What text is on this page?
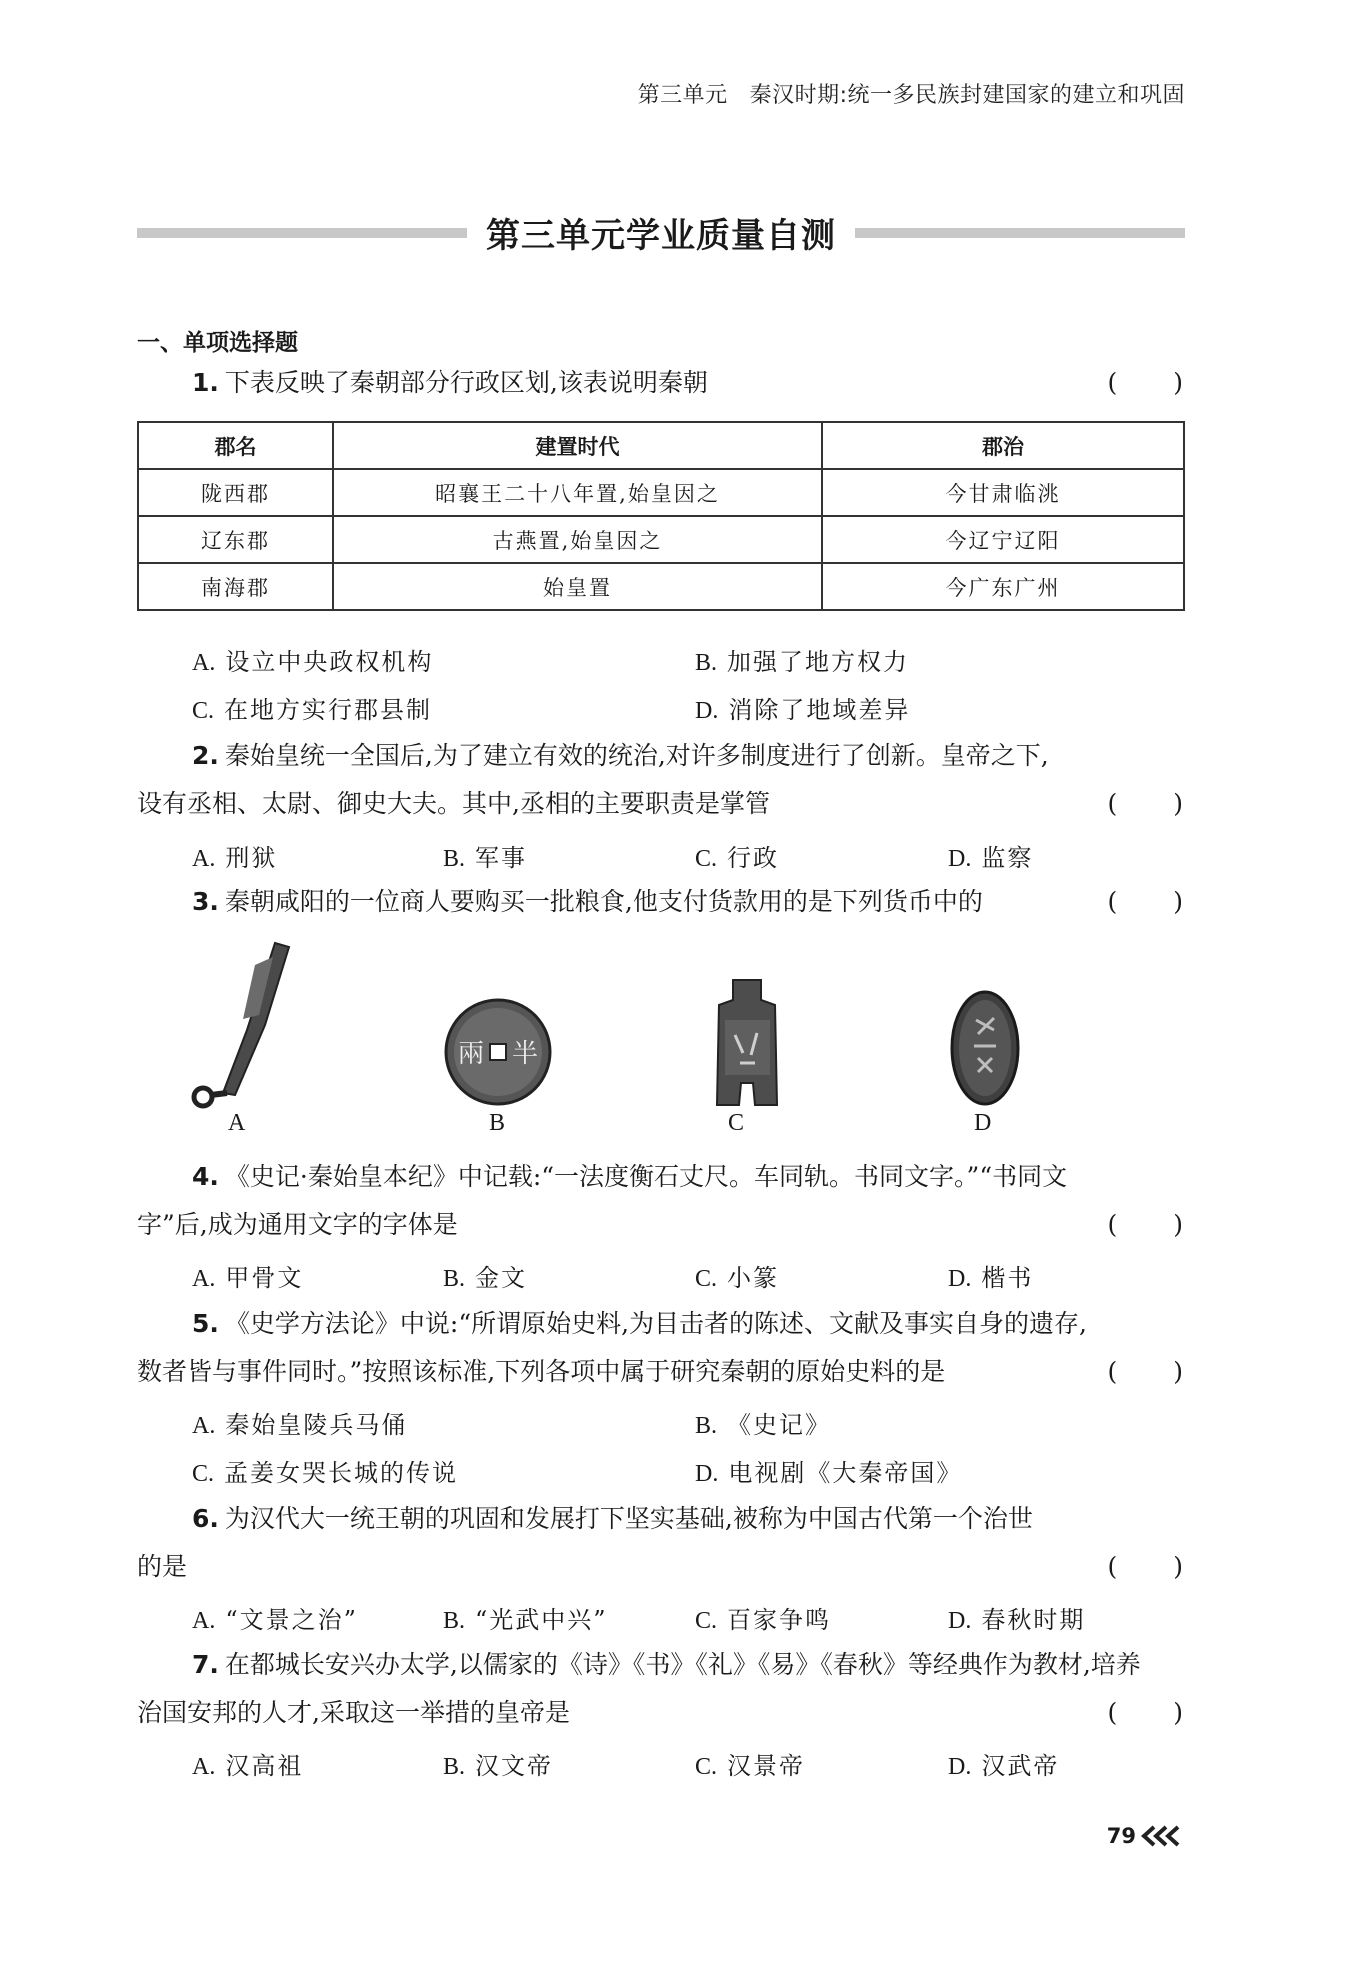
第三单元 秦汉时期:统一多民族封建国家的建立和巩固
第三单元学业质量自测
一、单项选择题
1. 下表反映了秦朝部分行政区划,该表说明秦朝	(　　)
郡名	建置时代	郡治
陇西郡	昭襄王二十八年置,始皇因之	今甘肃临洮
辽东郡	古燕置,始皇因之	今辽宁辽阳
南海郡	始皇置	今广东广州
A. 设立中央政权机构	B. 加强了地方权力
C. 在地方实行郡县制	D. 消除了地域差异
2. 秦始皇统一全国后,为了建立有效的统治,对许多制度进行了创新。皇帝之下,
设有丞相、太尉、御史大夫。其中,丞相的主要职责是掌管	(　　)
A. 刑狱	B. 军事	C. 行政	D. 监察
3. 秦朝咸阳的一位商人要购买一批粮食,他支付货款用的是下列货币中的	(　　)
A
兩 半
B	C	D
4. 《史记·秦始皇本纪》中记载:“一法度衡石丈尺。车同轨。书同文字。”“书同文
字”后,成为通用文字的字体是	(　　)
A. 甲骨文	B. 金文	C. 小篆	D. 楷书
5. 《史学方法论》中说:“所谓原始史料,为目击者的陈述、文献及事实自身的遗存,
数者皆与事件同时。”按照该标准,下列各项中属于研究秦朝的原始史料的是	(　　)
A. 秦始皇陵兵马俑	B. 《史记》
C. 孟姜女哭长城的传说	D. 电视剧《大秦帝国》
6. 为汉代大一统王朝的巩固和发展打下坚实基础,被称为中国古代第一个治世
的是	(　　)
A. “文景之治”	B. “光武中兴”	C. 百家争鸣	D. 春秋时期
7. 在都城长安兴办太学,以儒家的《诗》《书》《礼》《易》《春秋》等经典作为教材,培养
治国安邦的人才,采取这一举措的皇帝是	(　　)
A. 汉高祖	B. 汉文帝	C. 汉景帝	D. 汉武帝
79
